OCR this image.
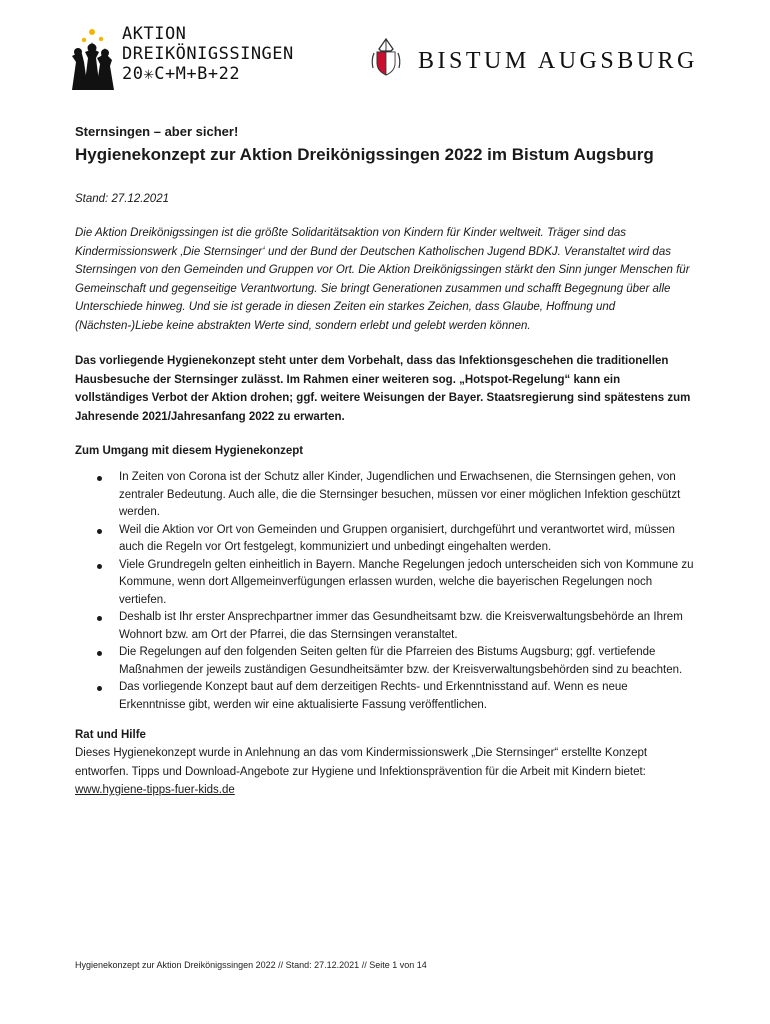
AKTION
DREIKÖNIGSSINGEN
20✳C+M+B+22	BISTUM AUGSBURG

Sternsingen – aber sicher!

Hygienekonzept zur Aktion Dreikönigssingen 2022 im Bistum Augsburg

Stand: 27.12.2021

Die Aktion Dreikönigssingen ist die größte Solidaritätsaktion von Kindern für Kinder weltweit. Träger sind das Kindermissionswerk ‚Die Sternsinger‘ und der Bund der Deutschen Katholischen Jugend BDKJ. Veranstaltet wird das Sternsingen von den Gemeinden und Gruppen vor Ort. Die Aktion Dreikönigssingen stärkt den Sinn junger Menschen für Gemeinschaft und gegenseitige Verantwortung. Sie bringt Generationen zusammen und schafft Begegnung über alle Unterschiede hinweg. Und sie ist gerade in diesen Zeiten ein starkes Zeichen, dass Glaube, Hoffnung und (Nächsten-)Liebe keine abstrakten Werte sind, sondern erlebt und gelebt werden können.

Das vorliegende Hygienekonzept steht unter dem Vorbehalt, dass das Infektionsgeschehen die traditionellen Hausbesuche der Sternsinger zulässt. Im Rahmen einer weiteren sog. „Hotspot-Regelung“ kann ein vollständiges Verbot der Aktion drohen; ggf. weitere Weisungen der Bayer. Staatsregierung sind spätestens zum Jahresende 2021/Jahresanfang 2022 zu erwarten.

Zum Umgang mit diesem Hygienekonzept

In Zeiten von Corona ist der Schutz aller Kinder, Jugendlichen und Erwachsenen, die Sternsingen gehen, von zentraler Bedeutung. Auch alle, die die Sternsinger besuchen, müssen vor einer möglichen Infektion geschützt werden.
Weil die Aktion vor Ort von Gemeinden und Gruppen organisiert, durchgeführt und verantwortet wird, müssen auch die Regeln vor Ort festgelegt, kommuniziert und unbedingt eingehalten werden.
Viele Grundregeln gelten einheitlich in Bayern. Manche Regelungen jedoch unterscheiden sich von Kommune zu Kommune, wenn dort Allgemeinverfügungen erlassen wurden, welche die bayerischen Regelungen noch vertiefen.
Deshalb ist Ihr erster Ansprechpartner immer das Gesundheitsamt bzw. die Kreisverwaltungsbehörde an Ihrem Wohnort bzw. am Ort der Pfarrei, die das Sternsingen veranstaltet.
Die Regelungen auf den folgenden Seiten gelten für die Pfarreien des Bistums Augsburg; ggf. vertiefende Maßnahmen der jeweils zuständigen Gesundheitsämter bzw. der Kreisverwaltungsbehörden sind zu beachten.
Das vorliegende Konzept baut auf dem derzeitigen Rechts- und Erkenntnisstand auf. Wenn es neue Erkenntnisse gibt, werden wir eine aktualisierte Fassung veröffentlichen.

Rat und Hilfe

Dieses Hygienekonzept wurde in Anlehnung an das vom Kindermissionswerk „Die Sternsinger“ erstellte Konzept entworfen. Tipps und Download-Angebote zur Hygiene und Infektionsprävention für die Arbeit mit Kindern bietet: www.hygiene-tipps-fuer-kids.de

Hygienekonzept zur Aktion Dreikönigssingen 2022 // Stand: 27.12.2021 // Seite 1 von 14
